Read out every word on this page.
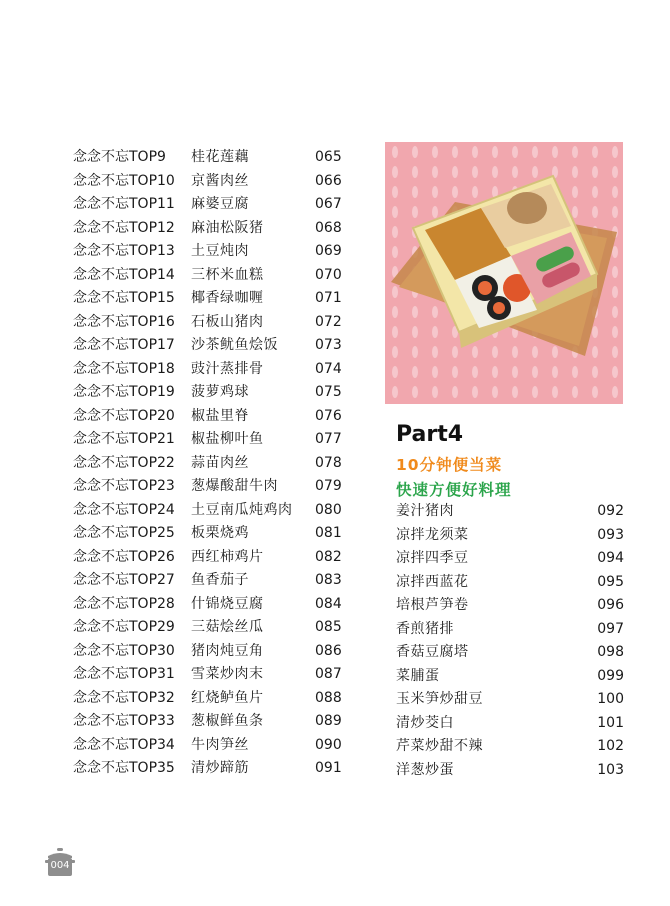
念念不忘TOP9 桂花莲藕	065
念念不忘TOP10 京酱肉丝	066
念念不忘TOP11 麻婆豆腐	067
念念不忘TOP12 麻油松阪猪	068
念念不忘TOP13 土豆炖肉	069
念念不忘TOP14 三杯米血糕	070
念念不忘TOP15 椰香绿咖喱	071
念念不忘TOP16 石板山猪肉	072
念念不忘TOP17 沙茶鱿鱼烩饭	073
念念不忘TOP18 豉汁蒸排骨	074
念念不忘TOP19 菠萝鸡球	075
念念不忘TOP20 椒盐里脊	076
念念不忘TOP21 椒盐柳叶鱼	077
念念不忘TOP22 蒜苗肉丝	078
念念不忘TOP23 葱爆酸甜牛肉	079
念念不忘TOP24 土豆南瓜炖鸡肉 080
念念不忘TOP25 板栗烧鸡	081
念念不忘TOP26 西红柿鸡片	082
念念不忘TOP27 鱼香茄子	083
念念不忘TOP28 什锦烧豆腐	084
念念不忘TOP29 三菇烩丝瓜	085
念念不忘TOP30 猪肉炖豆角	086
念念不忘TOP31 雪菜炒肉末	087
念念不忘TOP32 红烧鲈鱼片	088
念念不忘TOP33 葱椒鲜鱼条	089
念念不忘TOP34 牛肉笋丝	090
念念不忘TOP35 清炒蹄筋	091
Part4
10分钟便当菜
快速方便好料理
姜汁猪肉	092
凉拌龙须菜	093
凉拌四季豆	094
凉拌西蓝花	095
培根芦笋卷	096
香煎猪排	097
香菇豆腐塔	098
菜脯蛋	099
玉米笋炒甜豆	100
清炒茭白	101
芹菜炒甜不辣	102
洋葱炒蛋	103
004
